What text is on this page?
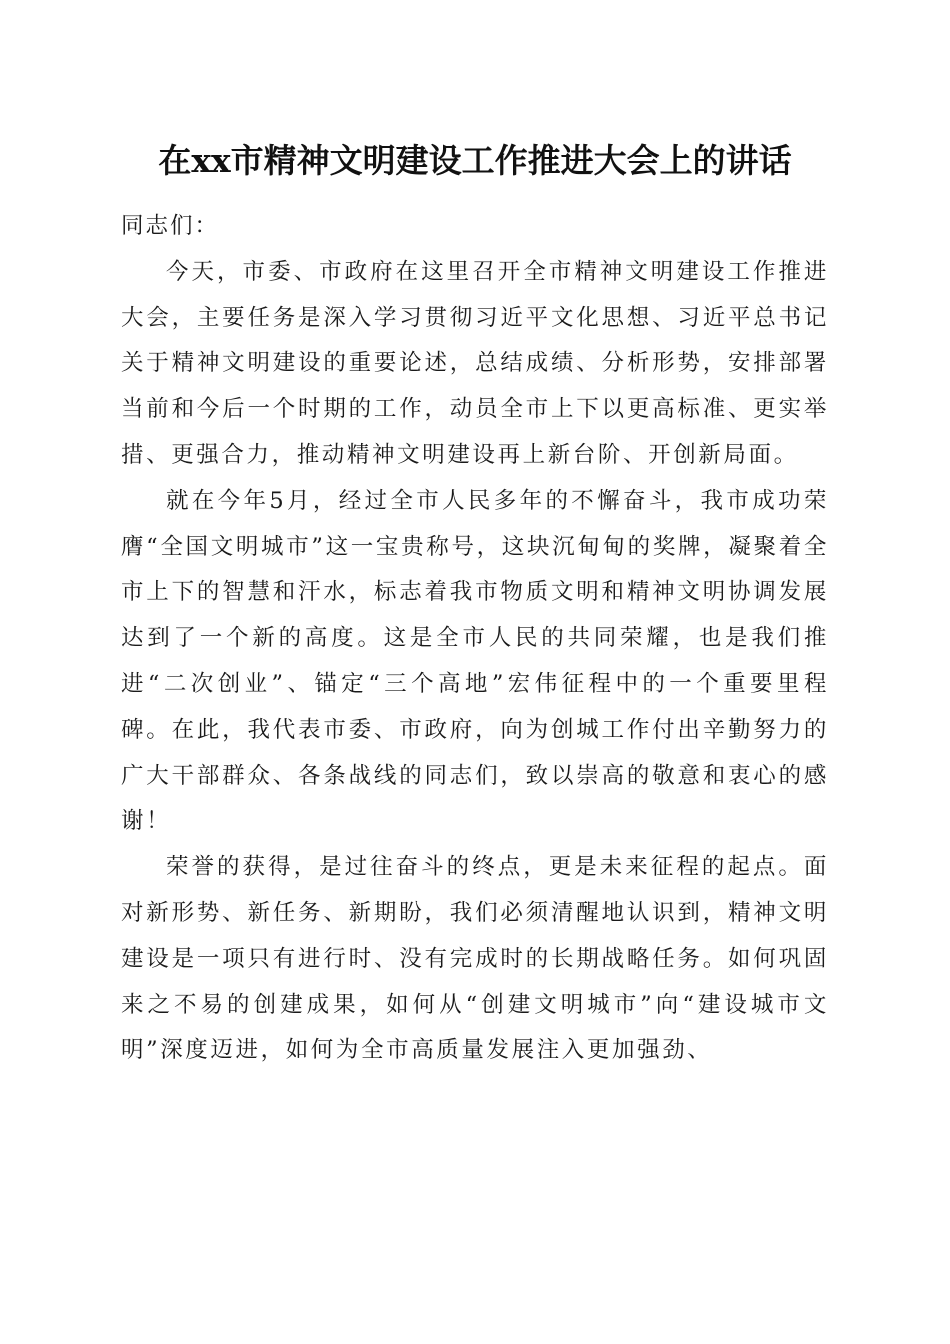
在xx市精神文明建设工作推进大会上的讲话

同志们：

今天，市委、市政府在这里召开全市精神文明建设工作推进大会，主要任务是深入学习贯彻习近平文化思想、习近平总书记关于精神文明建设的重要论述，总结成绩、分析形势，安排部署当前和今后一个时期的工作，动员全市上下以更高标准、更实举措、更强合力，推动精神文明建设再上新台阶、开创新局面。

就在今年5月，经过全市人民多年的不懈奋斗，我市成功荣膺“全国文明城市”这一宝贵称号，这块沉甸甸的奖牌，凝聚着全市上下的智慧和汗水，标志着我市物质文明和精神文明协调发展达到了一个新的高度。这是全市人民的共同荣耀，也是我们推进“二次创业”、锚定“三个高地”宏伟征程中的一个重要里程碑。在此，我代表市委、市政府，向为创城工作付出辛勤努力的广大干部群众、各条战线的同志们，致以崇高的敬意和衷心的感谢！

荣誉的获得，是过往奋斗的终点，更是未来征程的起点。面对新形势、新任务、新期盼，我们必须清醒地认识到，精神文明建设是一项只有进行时、没有完成时的长期战略任务。如何巩固来之不易的创建成果，如何从“创建文明城市”向“建设城市文明”深度迈进，如何为全市高质量发展注入更加强劲、
